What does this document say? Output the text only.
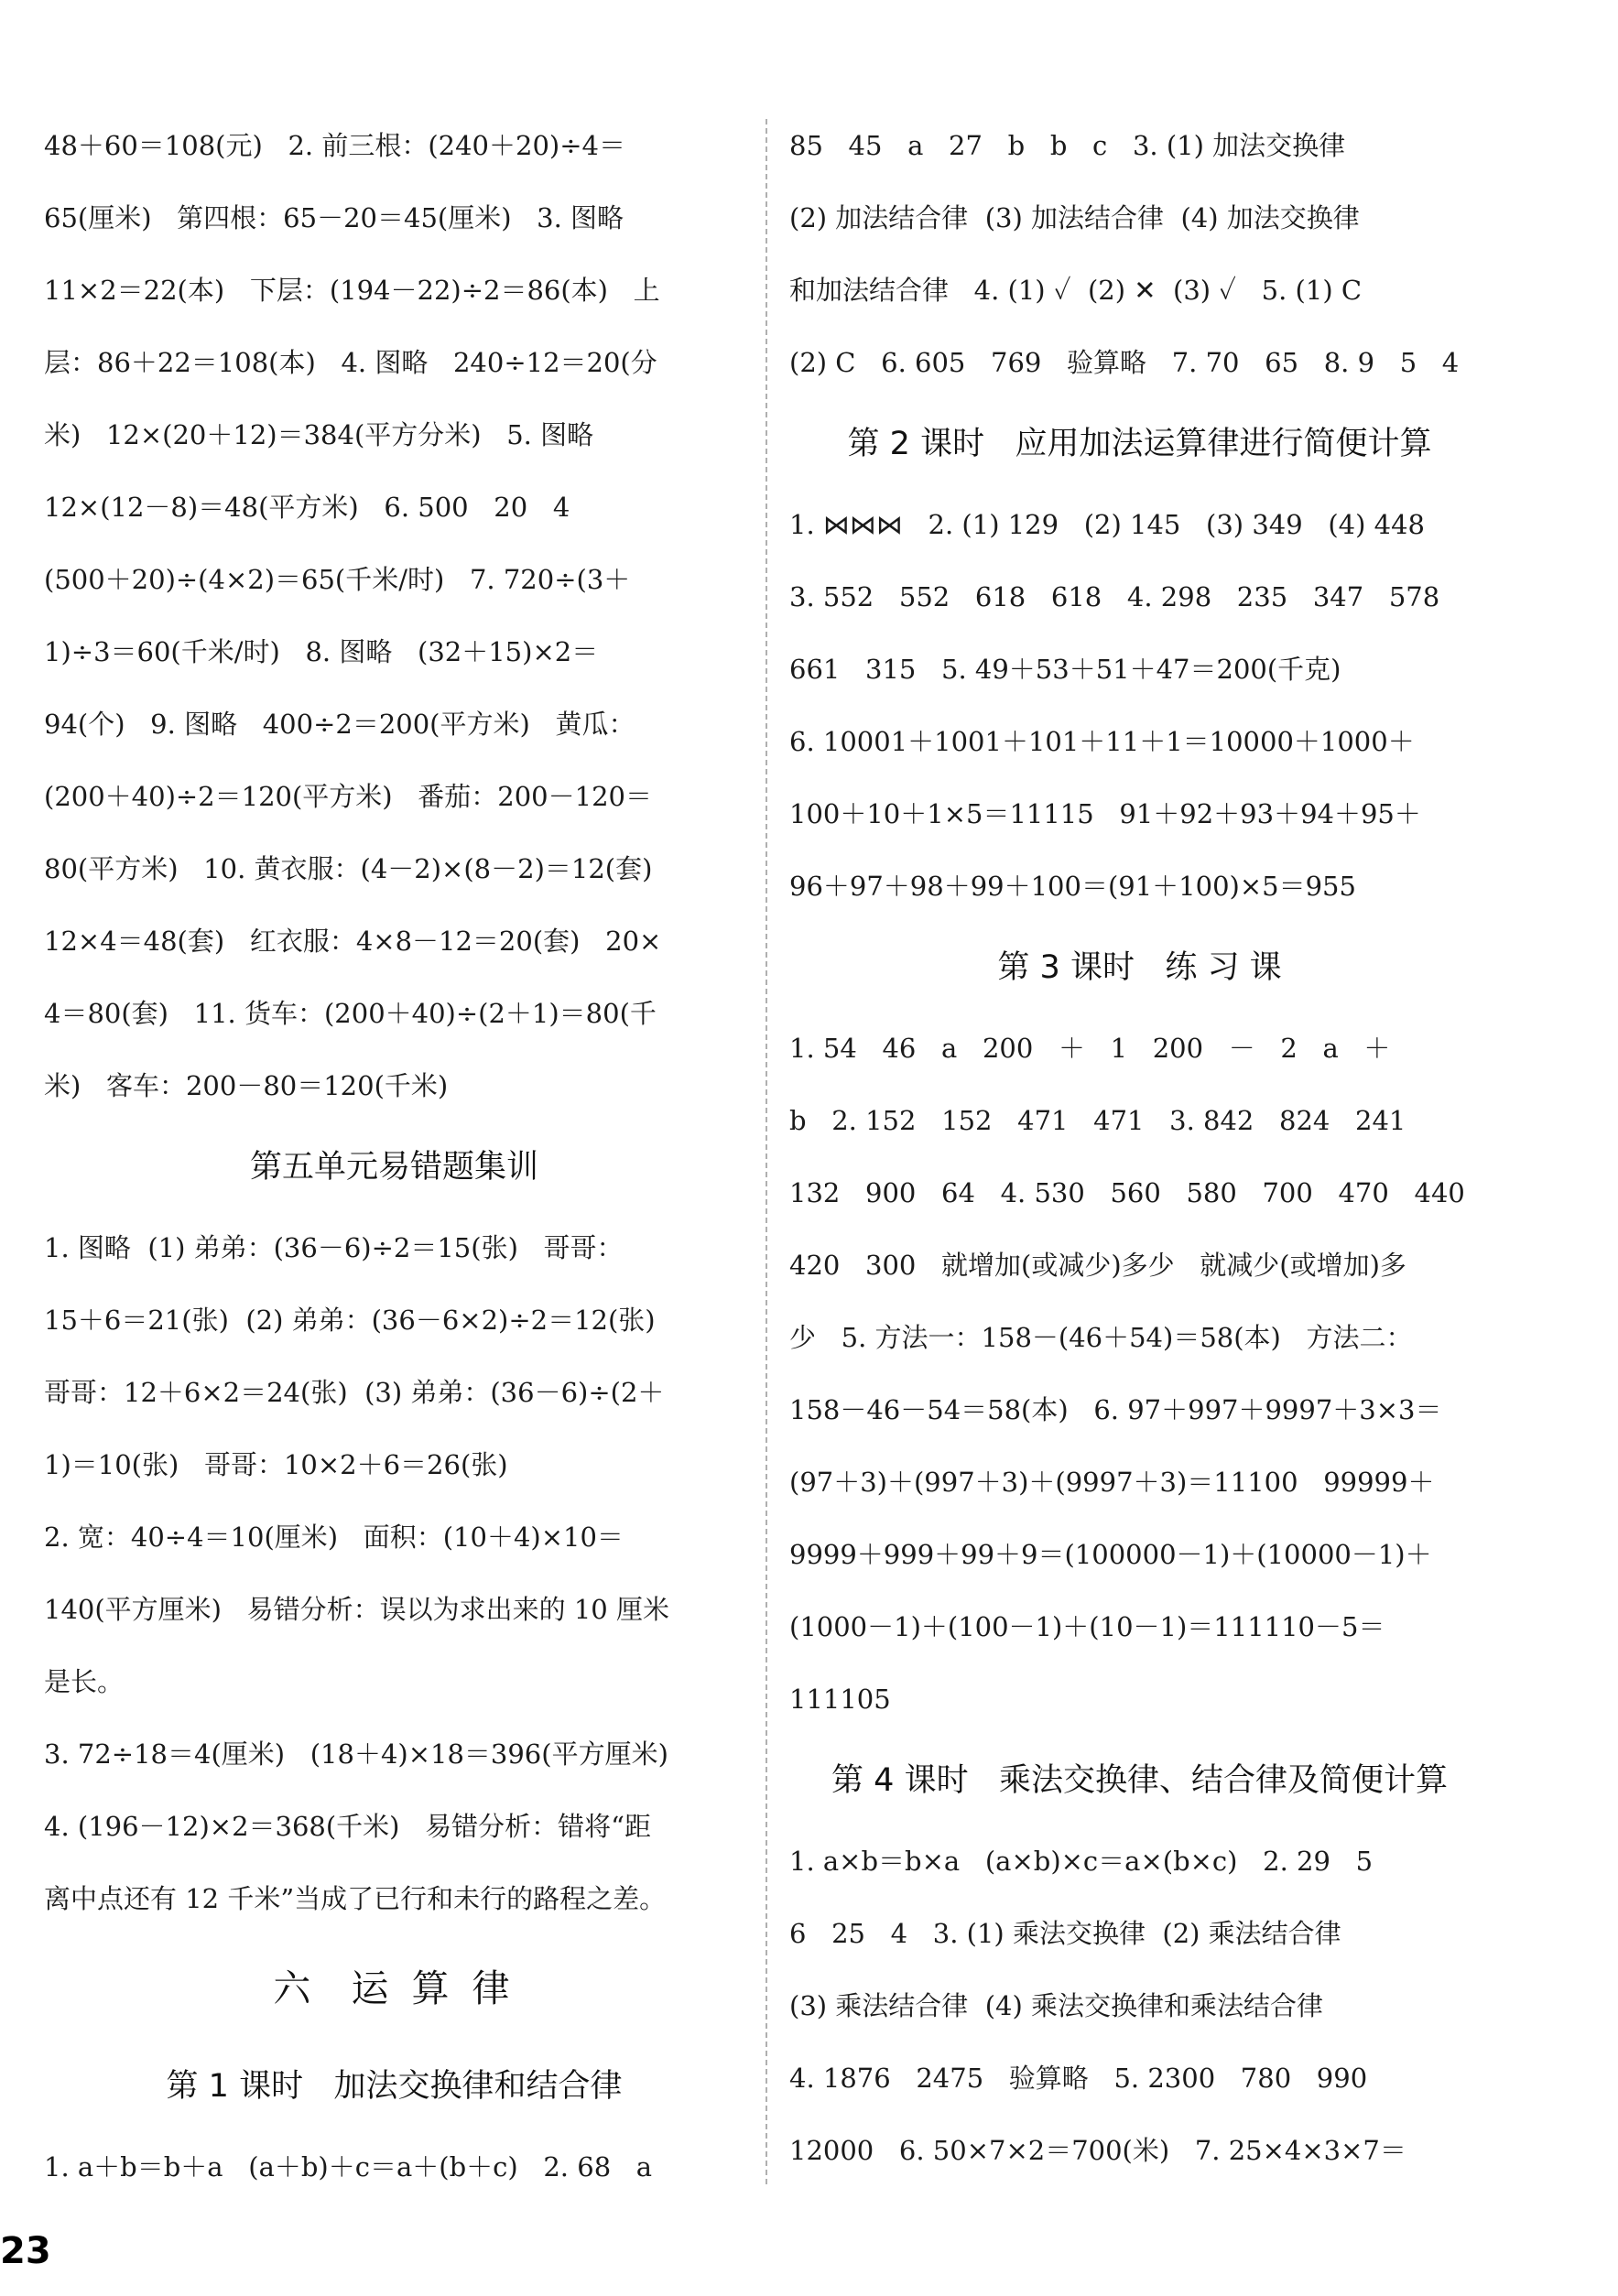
48＋60＝108(元)   2. 前三根：(240＋20)÷4＝
65(厘米)   第四根：65－20＝45(厘米)   3. 图略
11×2＝22(本)   下层：(194－22)÷2＝86(本)   上
层：86＋22＝108(本)   4. 图略   240÷12＝20(分
米)   12×(20＋12)＝384(平方分米)   5. 图略
12×(12－8)＝48(平方米)   6. 500   20   4
(500＋20)÷(4×2)＝65(千米/时)   7. 720÷(3＋
1)÷3＝60(千米/时)   8. 图略   (32＋15)×2＝
94(个)   9. 图略   400÷2＝200(平方米)   黄瓜：
(200＋40)÷2＝120(平方米)   番茄：200－120＝
80(平方米)   10. 黄衣服：(4－2)×(8－2)＝12(套)
12×4＝48(套)   红衣服：4×8－12＝20(套)   20×
4＝80(套)   11. 货车：(200＋40)÷(2＋1)＝80(千
米)   客车：200－80＝120(千米)
第五单元易错题集训
1. 图略  (1) 弟弟：(36－6)÷2＝15(张)   哥哥：
15＋6＝21(张)  (2) 弟弟：(36－6×2)÷2＝12(张)
哥哥：12＋6×2＝24(张)  (3) 弟弟：(36－6)÷(2＋
1)＝10(张)   哥哥：10×2＋6＝26(张)
2. 宽：40÷4＝10(厘米)   面积：(10＋4)×10＝
140(平方厘米)   易错分析：误以为求出来的 10 厘米
是长。
3. 72÷18＝4(厘米)   (18＋4)×18＝396(平方厘米)
4. (196－12)×2＝368(千米)   易错分析：错将“距
离中点还有 12 千米”当成了已行和未行的路程之差。
六  运 算 律
第 1 课时   加法交换律和结合律
1. a＋b＝b＋a   (a＋b)＋c＝a＋(b＋c)   2. 68   a
85   45   a   27   b   b   c   3. (1) 加法交换律
(2) 加法结合律  (3) 加法结合律  (4) 加法交换律
和加法结合律   4. (1) ✓  (2) ✕  (3) ✓   5. (1) C
(2) C   6. 605   769   验算略   7. 70   65   8. 9   5   4
第 2 课时   应用加法运算律进行简便计算
1. ⋈⋈⋈   2. (1) 129   (2) 145   (3) 349   (4) 448
3. 552   552   618   618   4. 298   235   347   578
661   315   5. 49＋53＋51＋47＝200(千克)
6. 10001＋1001＋101＋11＋1＝10000＋1000＋
100＋10＋1×5＝11115   91＋92＋93＋94＋95＋
96＋97＋98＋99＋100＝(91＋100)×5＝955
第 3 课时   练 习 课
1. 54   46   a   200   ＋   1   200   －   2   a   ＋
b   2. 152   152   471   471   3. 842   824   241
132   900   64   4. 530   560   580   700   470   440
420   300   就增加(或减少)多少   就减少(或增加)多
少   5. 方法一：158－(46＋54)＝58(本)   方法二：
158－46－54＝58(本)   6. 97＋997＋9997＋3×3＝
(97＋3)＋(997＋3)＋(9997＋3)＝11100   99999＋
9999＋999＋99＋9＝(100000－1)＋(10000－1)＋
(1000－1)＋(100－1)＋(10－1)＝111110－5＝
111105
第 4 课时   乘法交换律、结合律及简便计算
1. a×b＝b×a   (a×b)×c＝a×(b×c)   2. 29   5
6   25   4   3. (1) 乘法交换律  (2) 乘法结合律
(3) 乘法结合律  (4) 乘法交换律和乘法结合律
4. 1876   2475   验算略   5. 2300   780   990
12000   6. 50×7×2＝700(米)   7. 25×4×3×7＝
23
